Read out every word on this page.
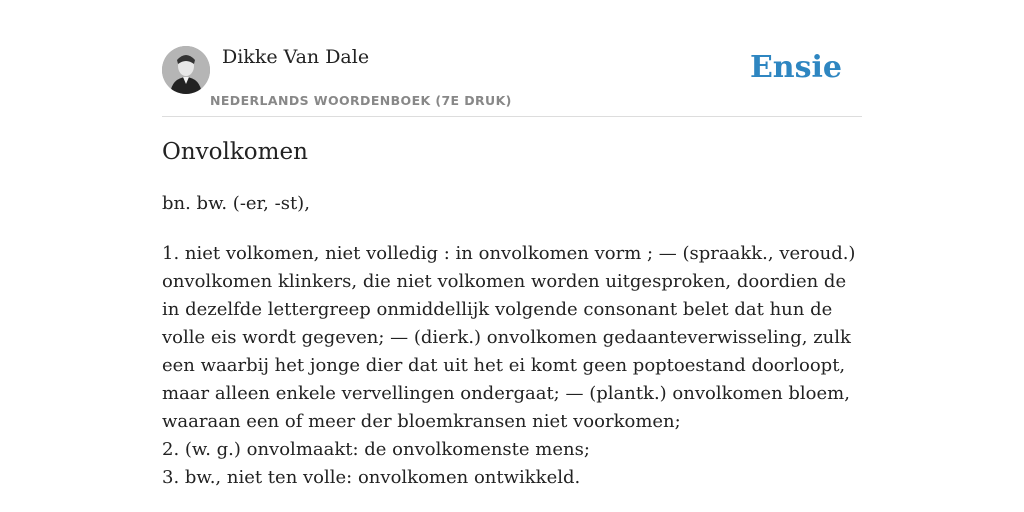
Dikke Van Dale
NEDERLANDS WOORDENBOEK (7E DRUK)
Ensie
Onvolkomen

bn. bw. (-er, -st),

1. niet volkomen, niet volledig : in onvolkomen vorm ; — (spraakk., veroud.) onvolkomen klinkers, die niet volkomen worden uitgesproken, doordien de in dezelfde lettergreep onmiddellijk volgende consonant belet dat hun de volle eis wordt gegeven; — (dierk.) onvolkomen gedaanteverwisseling, zulk een waarbij het jonge dier dat uit het ei komt geen poptoestand doorloopt, maar alleen enkele vervellingen ondergaat; — (plantk.) onvolkomen bloem, waaraan een of meer der bloemkransen niet voorkomen;
2. (w. g.) onvolmaakt: de onvolkomenste mens;
3. bw., niet ten volle: onvolkomen ontwikkeld.
